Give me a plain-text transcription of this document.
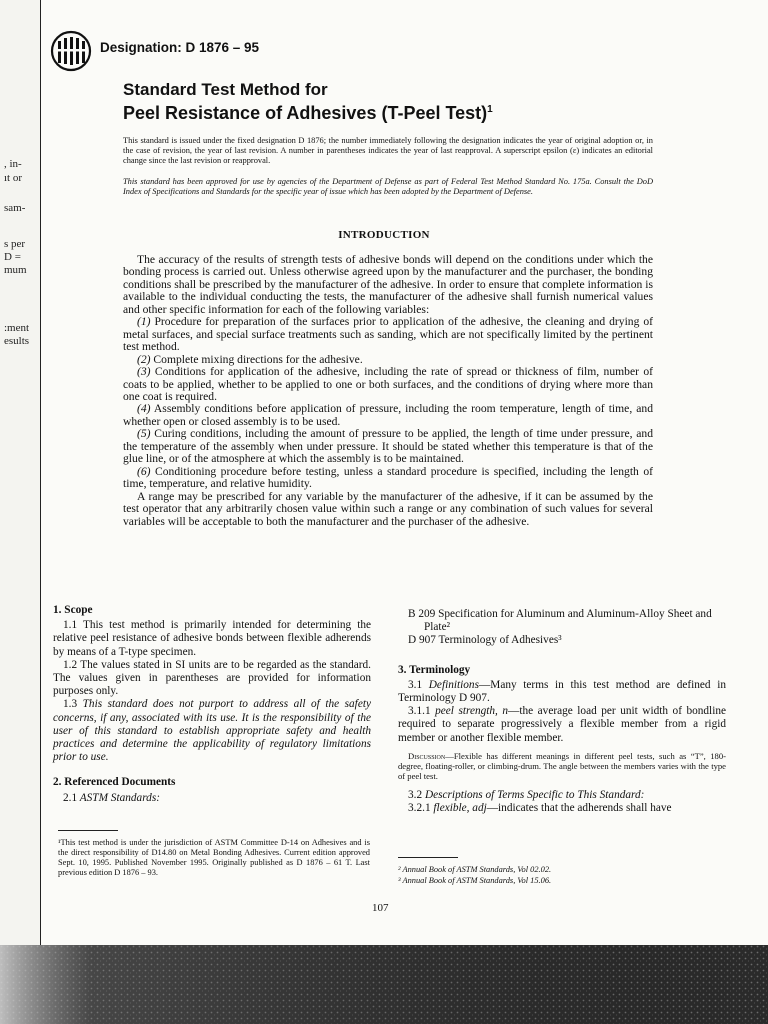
, in-
ıt or
sam-
s per
D =
mum
:ment
esults
Designation: D 1876 – 95
Standard Test Method for
Peel Resistance of Adhesives (T-Peel Test)$^1$
This standard is issued under the fixed designation D 1876; the number immediately following the designation indicates the year of original adoption or, in the case of revision, the year of last revision. A number in parentheses indicates the year of last reapproval. A superscript epsilon (ε) indicates an editorial change since the last revision or reapproval.
This standard has been approved for use by agencies of the Department of Defense as part of Federal Test Method Standard No. 175a. Consult the DoD Index of Specifications and Standards for the specific year of issue which has been adopted by the Department of Defense.
INTRODUCTION

The accuracy of the results of strength tests of adhesive bonds will depend on the conditions under which the bonding process is carried out. Unless otherwise agreed upon by the manufacturer and the purchaser, the bonding conditions shall be prescribed by the manufacturer of the adhesive. In order to ensure that complete information is available to the individual conducting the tests, the manufacturer of the adhesive shall furnish numerical values and other specific information for each of the following variables:

(1) Procedure for preparation of the surfaces prior to application of the adhesive, the cleaning and drying of metal surfaces, and special surface treatments such as sanding, which are not specifically limited by the pertinent test method.

(2) Complete mixing directions for the adhesive.

(3) Conditions for application of the adhesive, including the rate of spread or thickness of film, number of coats to be applied, whether to be applied to one or both surfaces, and the conditions of drying where more than one coat is required.

(4) Assembly conditions before application of pressure, including the room temperature, length of time, and whether open or closed assembly is to be used.

(5) Curing conditions, including the amount of pressure to be applied, the length of time under pressure, and the temperature of the assembly when under pressure. It should be stated whether this temperature is that of the glue line, or of the atmosphere at which the assembly is to be maintained.

(6) Conditioning procedure before testing, unless a standard procedure is specified, including the length of time, temperature, and relative humidity.

A range may be prescribed for any variable by the manufacturer of the adhesive, if it can be assumed by the test operator that any arbitrarily chosen value within such a range or any combination of such values for several variables will be acceptable to both the manufacturer and the purchaser of the adhesive.

1. Scope

1.1 This test method is primarily intended for determining the relative peel resistance of adhesive bonds between flexible adherends by means of a T-type specimen.

1.2 The values stated in SI units are to be regarded as the standard. The values given in parentheses are provided for information purposes only.

1.3 This standard does not purport to address all of the safety concerns, if any, associated with its use. It is the responsibility of the user of this standard to establish appropriate safety and health practices and determine the applicability of regulatory limitations prior to use.

2. Referenced Documents

2.1 ASTM Standards:

¹This test method is under the jurisdiction of ASTM Committee D-14 on Adhesives and is the direct responsibility of D14.80 on Metal Bonding Adhesives. Current edition approved Sept. 10, 1995. Published November 1995. Originally published as D 1876 – 61 T. Last previous edition D 1876 – 93.

B 209 Specification for Aluminum and Aluminum-Alloy Sheet and Plate²

D 907 Terminology of Adhesives³

3. Terminology

3.1 Definitions—Many terms in this test method are defined in Terminology D 907.

3.1.1 peel strength, n—the average load per unit width of bondline required to separate progressively a flexible member from a rigid member or another flexible member.

Discussion—Flexible has different meanings in different peel tests, such as “T”, 180-degree, floating-roller, or climbing-drum. The angle between the members varies with the type of peel test.

3.2 Descriptions of Terms Specific to This Standard:

3.2.1 flexible, adj—indicates that the adherends shall have

² Annual Book of ASTM Standards, Vol 02.02.
³ Annual Book of ASTM Standards, Vol 15.06.
107
